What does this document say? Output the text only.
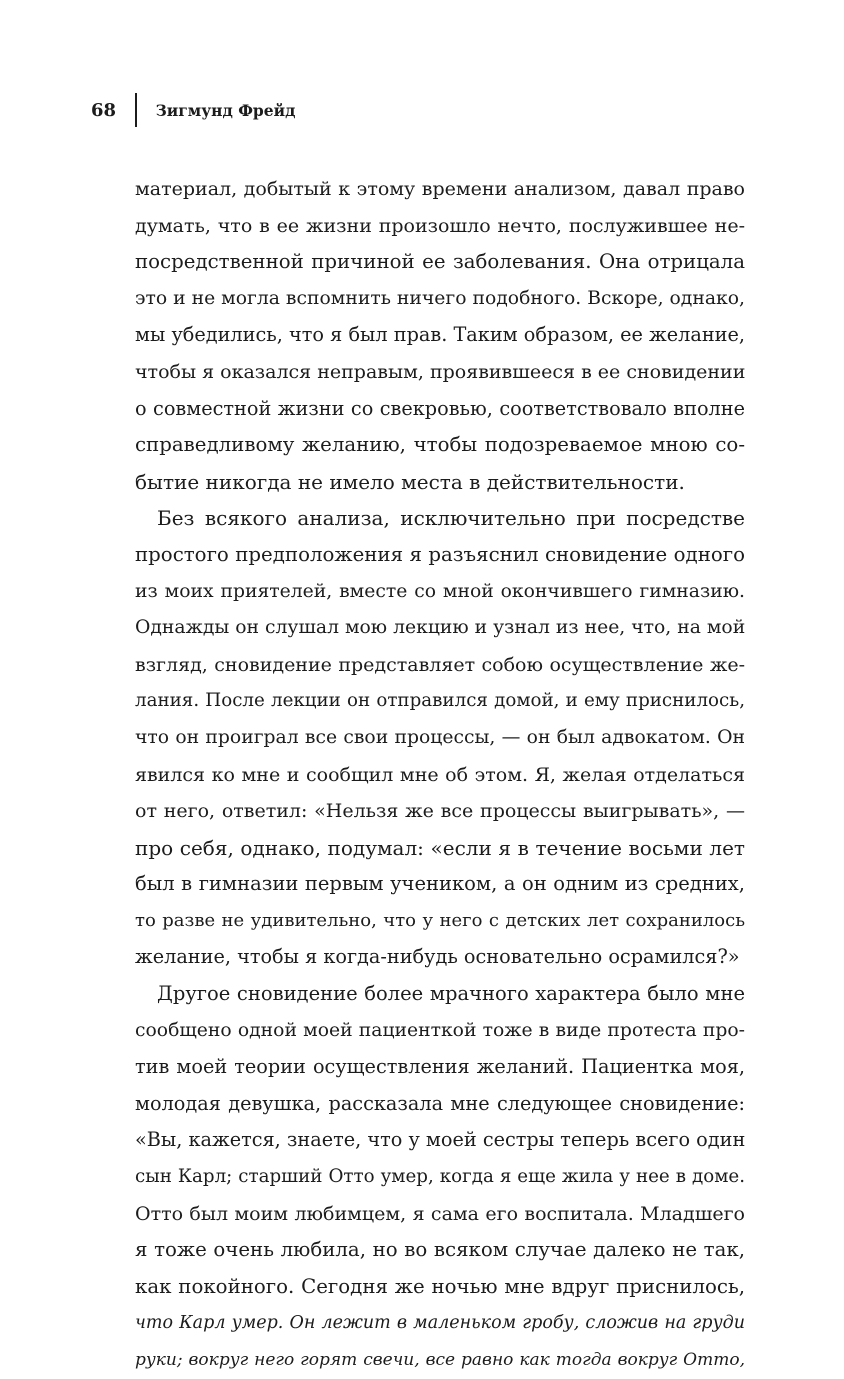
68	Зигмунд Фрейд
материал, добытый к этому времени анализом, давал право
думать, что в ее жизни произошло нечто, послужившее не-
посредственной причиной ее заболевания. Она отрицала
это и не могла вспомнить ничего подобного. Вскоре, однако,
мы убедились, что я был прав. Таким образом, ее желание,
чтобы я оказался неправым, проявившееся в ее сновидении
о совместной жизни со свекровью, соответствовало вполне
справедливому желанию, чтобы подозреваемое мною со-
бытие никогда не имело места в действительности.
Без всякого анализа, исключительно при посредстве
простого предположения я разъяснил сновидение одного
из моих приятелей, вместе со мной окончившего гимназию.
Однажды он слушал мою лекцию и узнал из нее, что, на мой
взгляд, сновидение представляет собою осуществление же-
лания. После лекции он отправился домой, и ему приснилось,
что он проиграл все свои процессы, — он был адвокатом. Он
явился ко мне и сообщил мне об этом. Я, желая отделаться
от него, ответил: «Нельзя же все процессы выигрывать», —
про себя, однако, подумал: «если я в течение восьми лет
был в гимназии первым учеником, а он одним из средних,
то разве не удивительно, что у него с детских лет сохранилось
желание, чтобы я когда-нибудь основательно осрамился?»
Другое сновидение более мрачного характера было мне
сообщено одной моей пациенткой тоже в виде протеста про-
тив моей теории осуществления желаний. Пациентка моя,
молодая девушка, рассказала мне следующее сновидение:
«Вы, кажется, знаете, что у моей сестры теперь всего один
сын Карл; старший Отто умер, когда я еще жила у нее в доме.
Отто был моим любимцем, я сама его воспитала. Младшего
я тоже очень любила, но во всяком случае далеко не так,
как покойного. Сегодня же ночью мне вдруг приснилось,
что Карл умер. Он лежит в маленьком гробу, сложив на груди
руки; вокруг него горят свечи, все равно как тогда вокруг Отто,
